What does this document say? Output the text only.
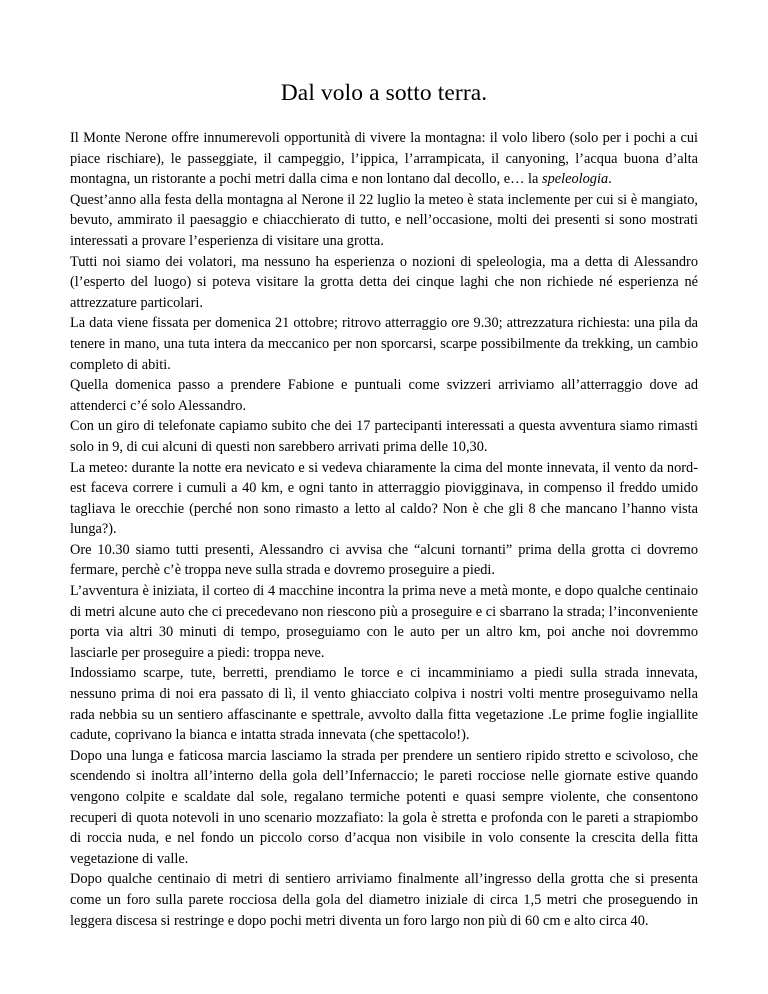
Dal volo a sotto terra.

Il Monte Nerone offre innumerevoli opportunità di vivere la montagna: il volo libero (solo per i pochi a cui piace rischiare), le passeggiate, il campeggio, l’ippica, l’arrampicata, il canyoning, l’acqua buona d’alta montagna, un ristorante a pochi metri dalla cima e non lontano dal decollo, e… la speleologia.

Quest’anno alla festa della montagna al Nerone il 22 luglio la meteo è stata inclemente per cui si è mangiato, bevuto, ammirato il paesaggio e chiacchierato di tutto, e nell’occasione, molti dei presenti si sono mostrati interessati a provare l’esperienza di visitare una grotta.

Tutti noi siamo dei volatori, ma nessuno ha esperienza o nozioni di speleologia, ma a detta di Alessandro (l’esperto del luogo) si poteva visitare la grotta detta dei cinque laghi che non richiede né esperienza né attrezzature particolari.

La data viene fissata per domenica 21 ottobre; ritrovo atterraggio ore 9.30; attrezzatura richiesta: una pila da tenere in mano, una tuta intera da meccanico per non sporcarsi, scarpe possibilmente da trekking, un cambio completo di abiti.

Quella domenica passo a prendere Fabione e puntuali come svizzeri arriviamo all’atterraggio dove ad attenderci c’é solo Alessandro.

Con un giro di telefonate capiamo subito che dei 17 partecipanti interessati a questa avventura siamo rimasti solo in 9, di cui alcuni di questi non sarebbero arrivati prima delle 10,30.

La meteo: durante la notte era nevicato e si vedeva chiaramente la cima del monte innevata, il vento da nord-est faceva correre i cumuli a 40 km, e ogni tanto in atterraggio piovigginava, in compenso il freddo umido tagliava le orecchie (perché non sono rimasto a letto al caldo? Non è che gli 8 che mancano l’hanno vista lunga?).

Ore 10.30 siamo tutti presenti, Alessandro ci avvisa che “alcuni tornanti” prima della grotta ci dovremo fermare, perchè c’è troppa neve sulla strada e dovremo proseguire a piedi.

L’avventura è iniziata, il corteo di 4 macchine incontra la prima neve a metà monte, e dopo qualche centinaio di metri alcune auto che ci precedevano non riescono più a proseguire e ci sbarrano la strada; l’inconveniente porta via altri 30 minuti di tempo, proseguiamo con le auto per un altro km, poi anche noi dovremmo lasciarle per proseguire a piedi: troppa neve.

Indossiamo scarpe, tute, berretti, prendiamo le torce e ci incamminiamo a piedi sulla strada innevata, nessuno prima di noi era passato di lì, il vento ghiacciato colpiva i nostri volti mentre proseguivamo nella rada nebbia su un sentiero affascinante e spettrale, avvolto dalla fitta vegetazione .Le prime foglie ingiallite cadute, coprivano la bianca e intatta strada innevata (che spettacolo!).

Dopo una lunga e faticosa marcia lasciamo la strada per prendere un sentiero ripido stretto e scivoloso, che scendendo si inoltra all’interno della gola dell’Infernaccio; le pareti rocciose nelle giornate estive quando vengono colpite e scaldate dal sole, regalano termiche potenti e quasi sempre violente, che consentono recuperi di quota notevoli in uno scenario mozzafiato: la gola è stretta e profonda con le pareti a strapiombo di roccia nuda, e nel fondo un piccolo corso d’acqua non visibile in volo consente la crescita della fitta vegetazione di valle.

Dopo qualche centinaio di metri di sentiero arriviamo finalmente all’ingresso della grotta che si presenta come un foro sulla parete rocciosa della gola del diametro iniziale di circa 1,5 metri che proseguendo in leggera discesa si restringe e dopo pochi metri diventa un foro largo non più di 60 cm e alto circa 40.
